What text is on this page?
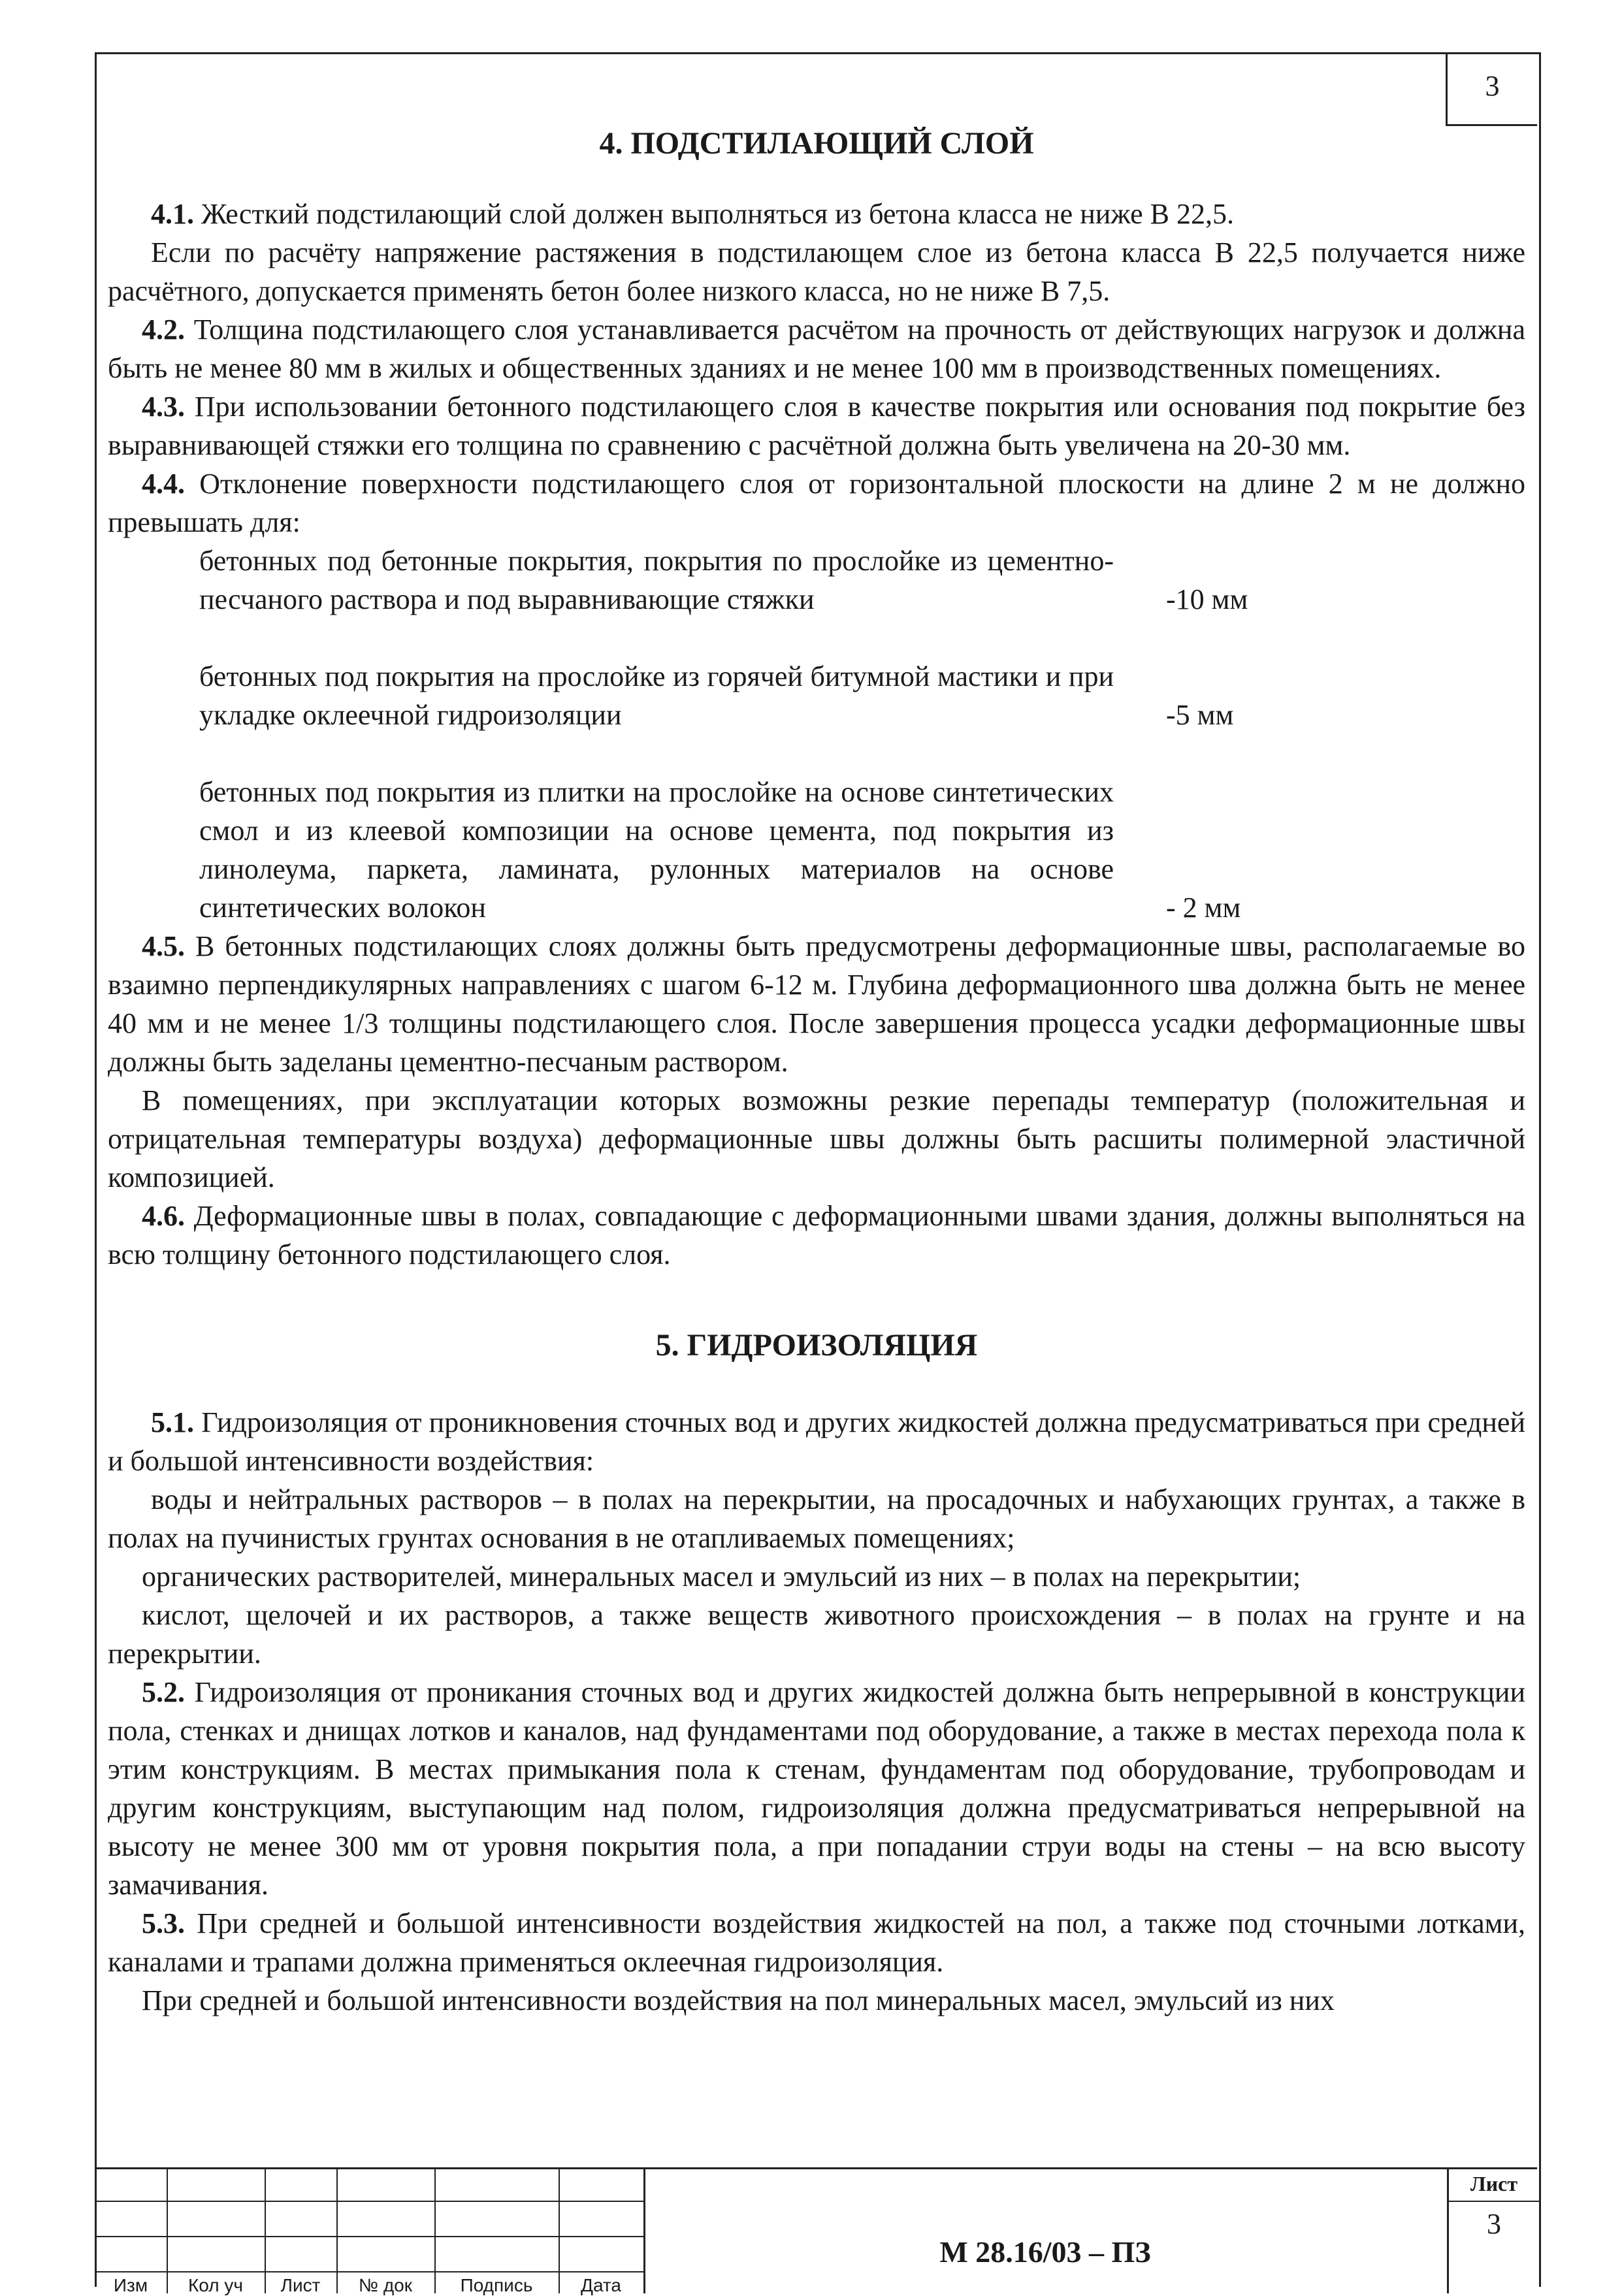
3
4. ПОДСТИЛАЮЩИЙ СЛОЙ

4.1. Жесткий подстилающий слой должен выполняться из бетона класса не ниже В 22,5.

Если по расчёту напряжение растяжения в подстилающем слое из бетона класса В 22,5 получается ниже расчётного, допускается применять бетон более низкого класса, но не ниже В 7,5.

4.2. Толщина подстилающего слоя устанавливается расчётом на прочность от действующих нагрузок и должна быть не менее 80 мм в жилых и общественных зданиях и не менее 100 мм в производственных помещениях.

4.3. При использовании бетонного подстилающего слоя в качестве покрытия или основания под покрытие без выравнивающей стяжки его толщина по сравнению с расчётной должна быть увеличена на 20-30 мм.

4.4. Отклонение поверхности подстилающего слоя от горизонтальной плоскости на длине 2 м не должно превышать для:

бетонных под бетонные покрытия, покрытия по прослойке из цементно-песчаного раствора и под выравнивающие стяжки	-10 мм
бетонных под покрытия на прослойке из горячей битумной мастики и при укладке оклеечной гидроизоляции	-5 мм
бетонных под покрытия из плитки на прослойке на основе синтетических смол и из клеевой композиции на основе цемента, под покрытия из линолеума, паркета, ламината, рулонных материалов на основе синтетических волокон	- 2 мм

4.5. В бетонных подстилающих слоях должны быть предусмотрены деформационные швы, располагаемые во взаимно перпендикулярных направлениях с шагом 6-12 м. Глубина деформационного шва должна быть не менее 40 мм и не менее 1/3 толщины подстилающего слоя. После завершения процесса усадки деформационные швы должны быть заделаны цементно-песчаным раствором.

В помещениях, при эксплуатации которых возможны резкие перепады температур (положительная и отрицательная температуры воздуха) деформационные швы должны быть расшиты полимерной эластичной композицией.

4.6. Деформационные швы в полах, совпадающие с деформационными швами здания, должны выполняться на всю толщину бетонного подстилающего слоя.

5. ГИДРОИЗОЛЯЦИЯ

5.1. Гидроизоляция от проникновения сточных вод и других жидкостей должна предусматриваться при средней и большой интенсивности воздействия:

воды и нейтральных растворов – в полах на перекрытии, на просадочных и набухающих грунтах, а также в полах на пучинистых грунтах основания в не отапливаемых помещениях;

органических растворителей, минеральных масел и эмульсий из них – в полах на перекрытии;

кислот, щелочей и их растворов, а также веществ животного происхождения – в полах на грунте и на перекрытии.

5.2. Гидроизоляция от проникания сточных вод и других жидкостей должна быть непрерывной в конструкции пола, стенках и днищах лотков и каналов, над фундаментами под оборудование, а также в местах перехода пола к этим конструкциям. В местах примыкания пола к стенам, фундаментам под оборудование, трубопроводам и другим конструкциям, выступающим над полом, гидроизоляция должна предусматриваться непрерывной на высоту не менее 300 мм от уровня покрытия пола, а при попадании струи воды на стены – на всю высоту замачивания.

5.3. При средней и большой интенсивности воздействия жидкостей на пол, а также под сточными лотками, каналами и трапами должна применяться оклеечная гидроизоляция.

При средней и большой интенсивности воздействия на пол минеральных масел, эмульсий из них

Изм	Кол уч	Лист	№ док	Подпись	Дата
М 28.16/03 – ПЗ
Лист
3
